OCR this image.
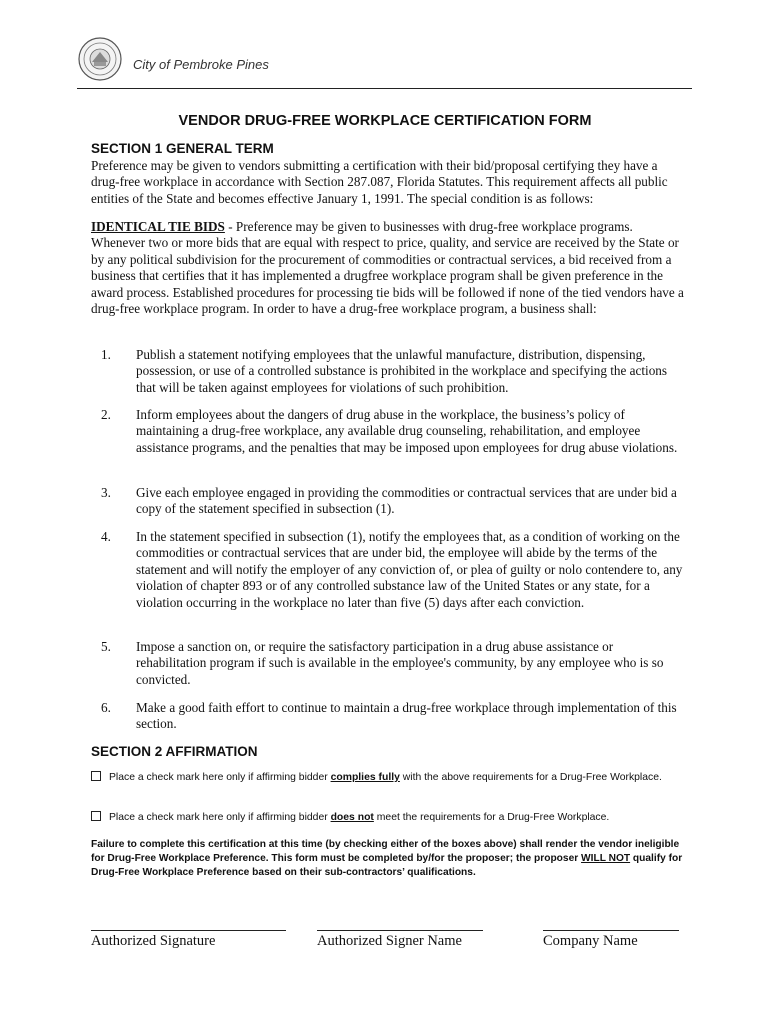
City of Pembroke Pines
VENDOR DRUG-FREE WORKPLACE CERTIFICATION FORM
SECTION 1 GENERAL TERM
Preference may be given to vendors submitting a certification with their bid/proposal certifying they have a drug-free workplace in accordance with Section 287.087, Florida Statutes. This requirement affects all public entities of the State and becomes effective January 1, 1991. The special condition is as follows:
IDENTICAL TIE BIDS - Preference may be given to businesses with drug-free workplace programs. Whenever two or more bids that are equal with respect to price, quality, and service are received by the State or by any political subdivision for the procurement of commodities or contractual services, a bid received from a business that certifies that it has implemented a drugfree workplace program shall be given preference in the award process. Established procedures for processing tie bids will be followed if none of the tied vendors have a drug-free workplace program. In order to have a drug-free workplace program, a business shall:
1. Publish a statement notifying employees that the unlawful manufacture, distribution, dispensing, possession, or use of a controlled substance is prohibited in the workplace and specifying the actions that will be taken against employees for violations of such prohibition.
2. Inform employees about the dangers of drug abuse in the workplace, the business’s policy of maintaining a drug-free workplace, any available drug counseling, rehabilitation, and employee assistance programs, and the penalties that may be imposed upon employees for drug abuse violations.
3. Give each employee engaged in providing the commodities or contractual services that are under bid a copy of the statement specified in subsection (1).
4. In the statement specified in subsection (1), notify the employees that, as a condition of working on the commodities or contractual services that are under bid, the employee will abide by the terms of the statement and will notify the employer of any conviction of, or plea of guilty or nolo contendere to, any violation of chapter 893 or of any controlled substance law of the United States or any state, for a violation occurring in the workplace no later than five (5) days after each conviction.
5. Impose a sanction on, or require the satisfactory participation in a drug abuse assistance or rehabilitation program if such is available in the employee's community, by any employee who is so convicted.
6. Make a good faith effort to continue to maintain a drug-free workplace through implementation of this section.
SECTION 2 AFFIRMATION
Place a check mark here only if affirming bidder complies fully with the above requirements for a Drug-Free Workplace.
Place a check mark here only if affirming bidder does not meet the requirements for a Drug-Free Workplace.
Failure to complete this certification at this time (by checking either of the boxes above) shall render the vendor ineligible for Drug-Free Workplace Preference. This form must be completed by/for the proposer; the proposer WILL NOT qualify for Drug-Free Workplace Preference based on their sub-contractors’ qualifications.
Authorized Signature	Authorized Signer Name	Company Name
